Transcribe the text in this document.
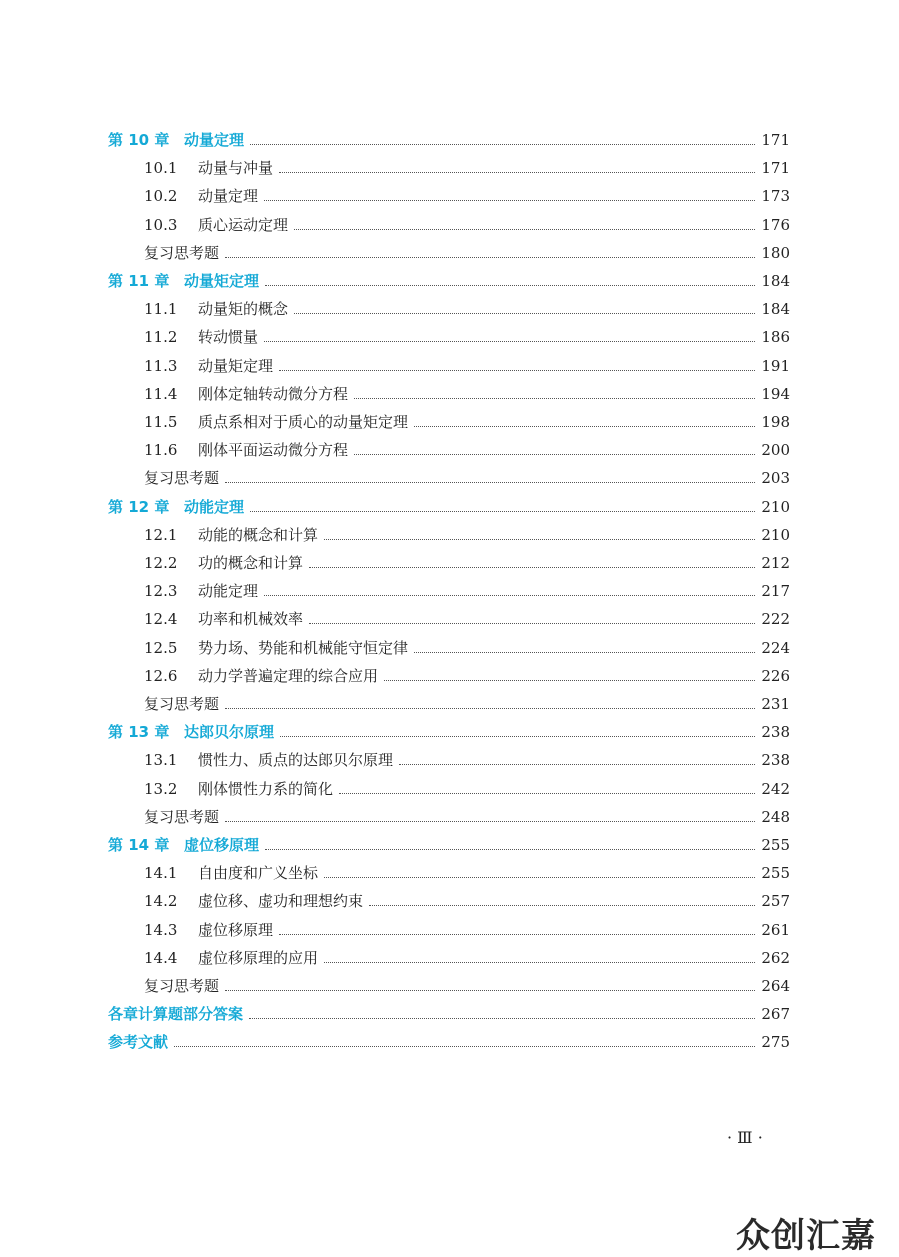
第 10 章 动量定理	171
10.1	动量与冲量	171
10.2	动量定理	173
10.3	质心运动定理	176
复习思考题	180
第 11 章 动量矩定理	184
11.1	动量矩的概念	184
11.2	转动惯量	186
11.3	动量矩定理	191
11.4	刚体定轴转动微分方程	194
11.5	质点系相对于质心的动量矩定理	198
11.6	刚体平面运动微分方程	200
复习思考题	203
第 12 章 动能定理	210
12.1	动能的概念和计算	210
12.2	功的概念和计算	212
12.3	动能定理	217
12.4	功率和机械效率	222
12.5	势力场、势能和机械能守恒定律	224
12.6	动力学普遍定理的综合应用	226
复习思考题	231
第 13 章 达郎贝尔原理	238
13.1	惯性力、质点的达郎贝尔原理	238
13.2	刚体惯性力系的简化	242
复习思考题	248
第 14 章 虚位移原理	255
14.1	自由度和广义坐标	255
14.2	虚位移、虚功和理想约束	257
14.3	虚位移原理	261
14.4	虚位移原理的应用	262
复习思考题	264
各章计算题部分答案	267
参考文献	275
· Ⅲ ·
众创汇嘉
